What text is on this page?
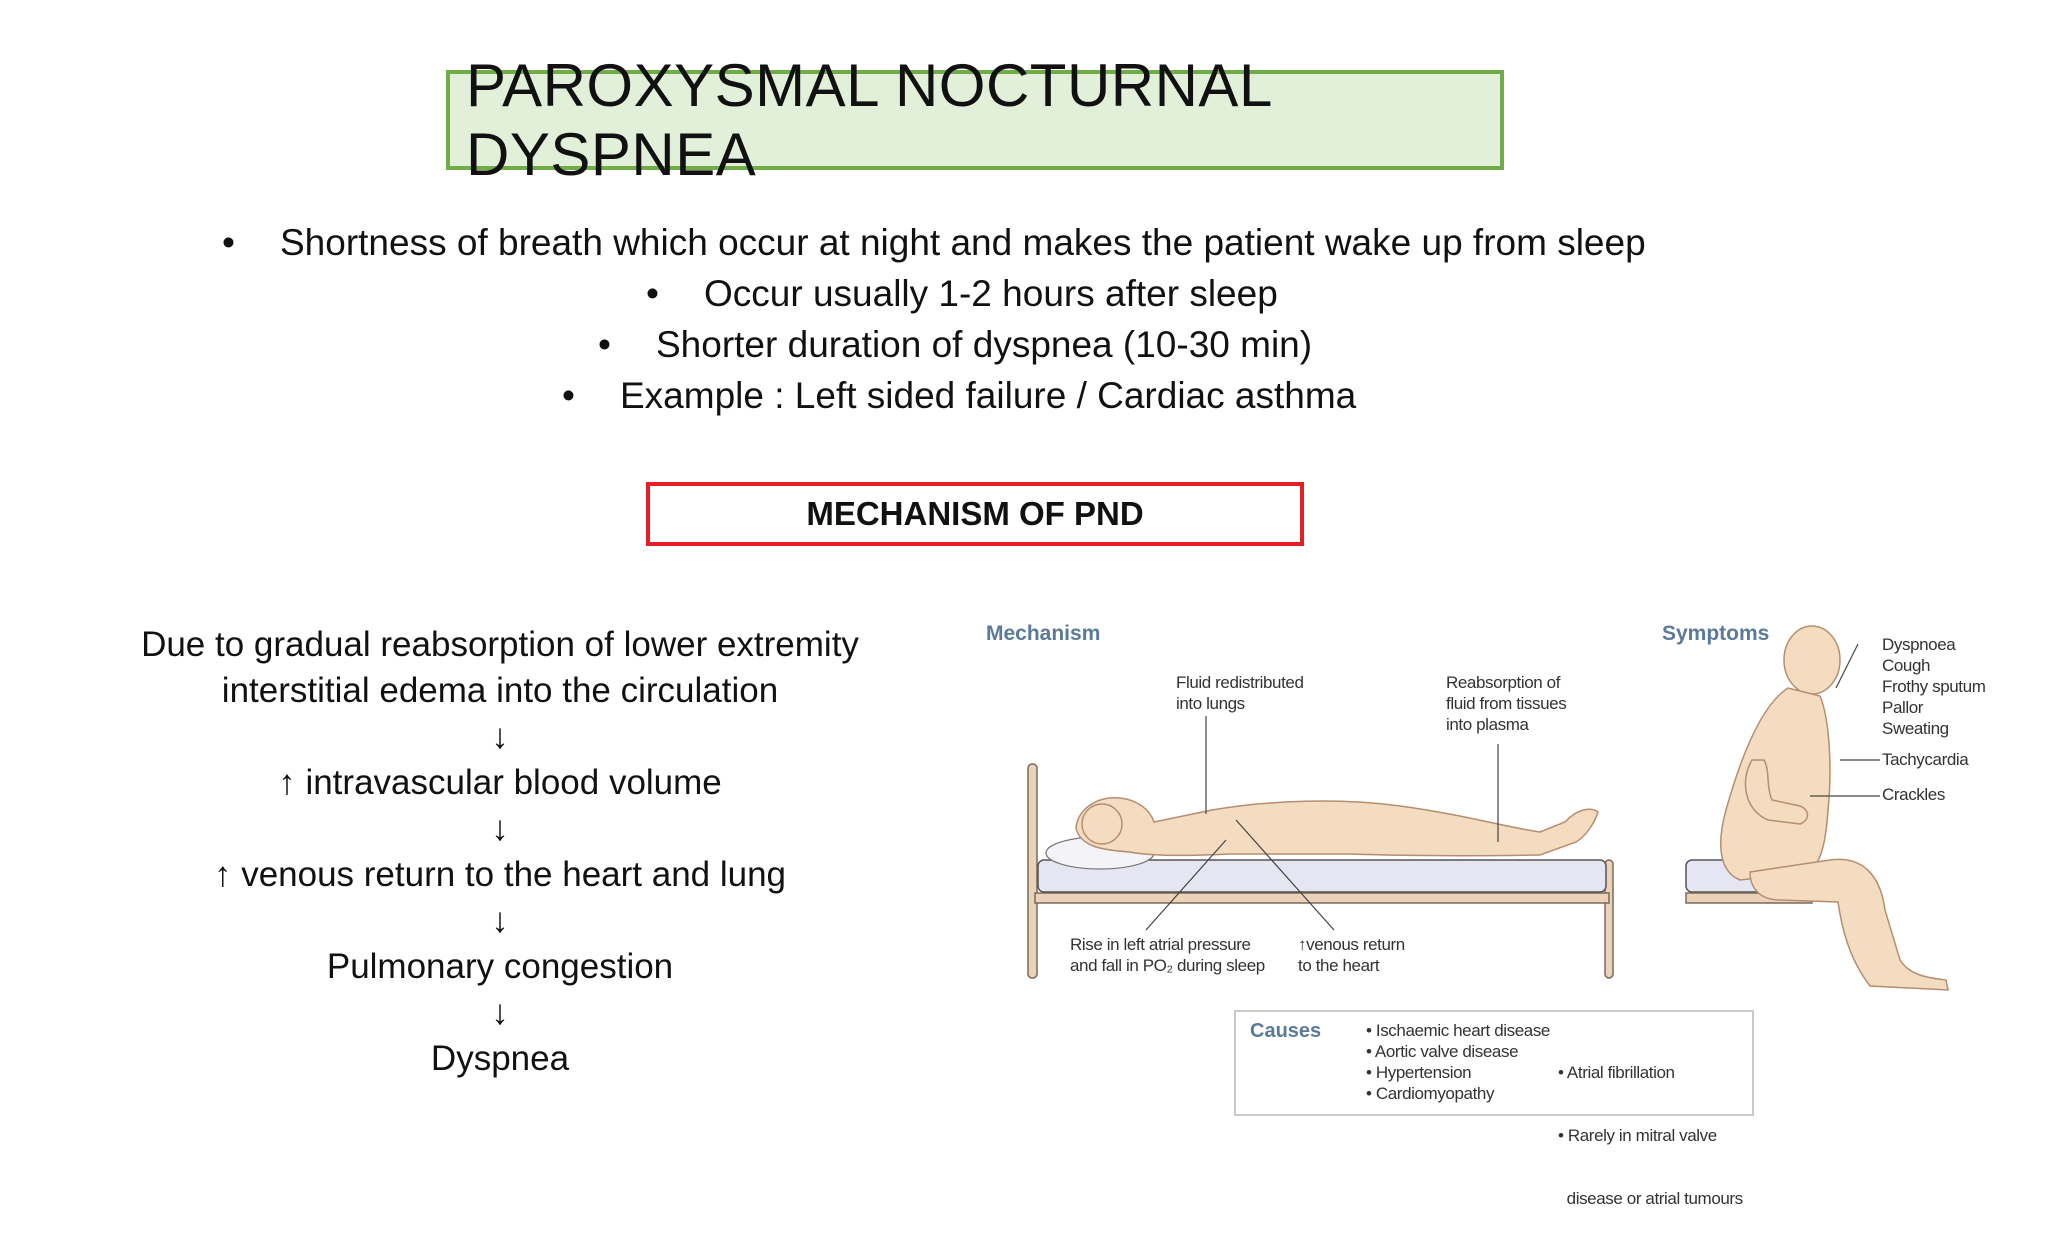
PAROXYSMAL NOCTURNAL DYSPNEA
• Shortness of breath which occur at night and makes the patient wake up from sleep
• Occur usually 1-2 hours after sleep
• Shorter duration of dyspnea (10-30 min)
• Example : Left sided failure / Cardiac asthma
MECHANISM OF PND
Due to gradual reabsorption of lower extremity
interstitial edema into the circulation
↓
↑ intravascular blood volume
↓
↑ venous return to the heart and lung
↓
Pulmonary congestion
↓
Dyspnea
Mechanism	Symptoms
Fluid redistributed
into lungs
Reabsorption of
fluid from tissues
into plasma
Rise in left atrial pressure
and fall in PO₂ during sleep
↑venous return
to the heart
Dyspnoea
Cough
Frothy sputum
Pallor
Sweating
Tachycardia
Crackles
Causes	• Ischaemic heart disease
• Aortic valve disease
• Hypertension
• Cardiomyopathy

• Atrial fibrillation

• Rarely in mitral valve

disease or atrial tumours
